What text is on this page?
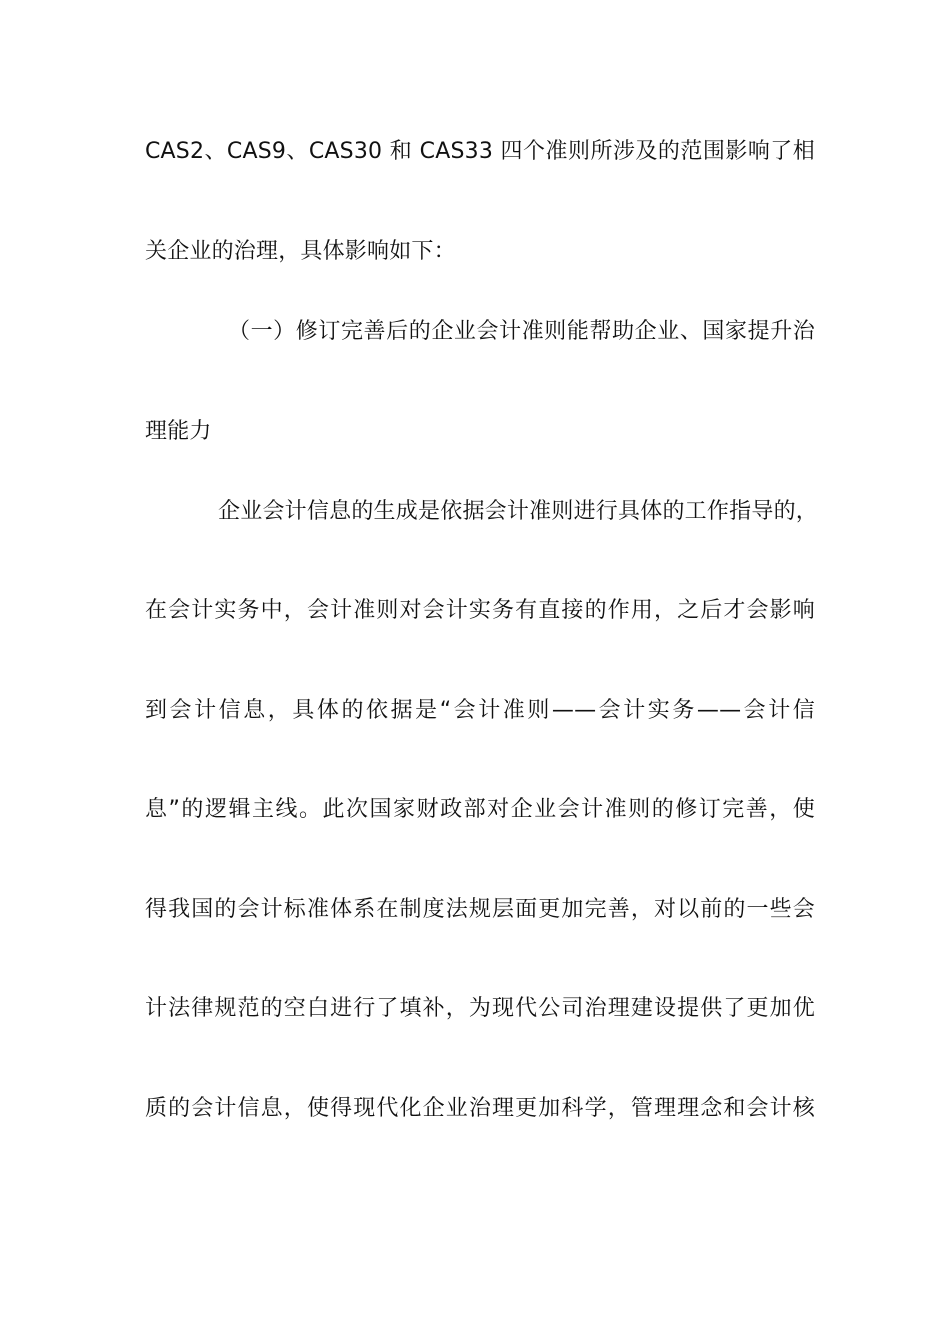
CAS2、CAS9、CAS30 和 CAS33 四个准则所涉及的范围影响了相
关企业的治理，具体影响如下：
（一）修订完善后的企业会计准则能帮助企业、国家提升治
理能力
企业会计信息的生成是依据会计准则进行具体的工作指导的，
在会计实务中，会计准则对会计实务有直接的作用，之后才会影响
到会计信息，具体的依据是“会计准则——会计实务——会计信
息”的逻辑主线。此次国家财政部对企业会计准则的修订完善，使
得我国的会计标准体系在制度法规层面更加完善，对以前的一些会
计法律规范的空白进行了填补，为现代公司治理建设提供了更加优
质的会计信息，使得现代化企业治理更加科学，管理理念和会计核
